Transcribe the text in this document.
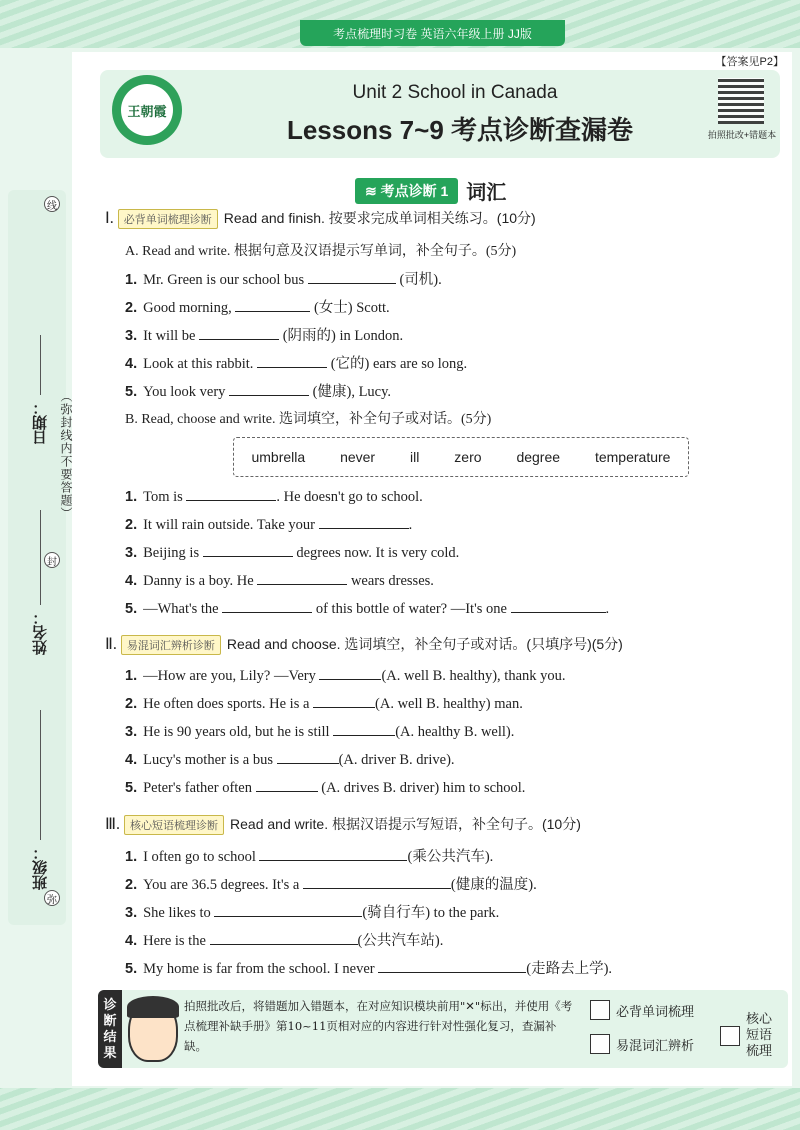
考点梳理时习卷 英语六年级上册 JJ版
【答案见P2】
日期：
姓名：
班级：
线
封
弥
（弥封线内不要答题）
王朝霞
Unit 2 School in Canada
Lessons 7~9 考点诊断查漏卷	拍照批改+错题本
≋ 考点诊断 1 词汇
Ⅰ. 必背单词梳理诊断 Read and finish. 按要求完成单词相关练习。(10分)
A. Read and write. 根据句意及汉语提示写单词，补全句子。(5分)
1. Mr. Green is our school bus	(司机).
2. Good morning,	(女士) Scott.
3. It will be	(阴雨的) in London.
4. Look at this rabbit.	(它的) ears are so long.
5. You look very	(健康), Lucy.
B. Read, choose and write. 选词填空，补全句子或对话。(5分)
umbrella never ill zero degree temperature
1. Tom is	. He doesn't go to school.
2. It will rain outside. Take your	.
3. Beijing is	degrees now. It is very cold.
4. Danny is a boy. He	wears dresses.
5. —What's the	of this bottle of water? —It's one	.
Ⅱ. 易混词汇辨析诊断 Read and choose. 选词填空，补全句子或对话。(只填序号)(5分)
1. —How are you, Lily? —Very	(A. well B. healthy), thank you.
2. He often does sports. He is a	(A. well B. healthy) man.
3. He is 90 years old, but he is still	(A. healthy B. well).
4. Lucy's mother is a bus	(A. driver B. drive).
5. Peter's father often	(A. drives B. driver) him to school.
Ⅲ. 核心短语梳理诊断 Read and write. 根据汉语提示写短语，补全句子。(10分)
1. I often go to school	(乘公共汽车).
2. You are 36.5 degrees. It's a	(健康的温度).
3. She likes to	(骑自行车) to the park.
4. Here is the	(公共汽车站).
5. My home is far from the school. I never	(走路去上学).
诊
断
结
果
拍照批改后，将错题加入错题本，在对应知识模块前用"✕"标出，并使用《考点梳理补缺手册》第10~11页相对应的内容进行针对性强化复习，查漏补缺。
必背单词梳理
易混词汇辨析
核心短语梳理
